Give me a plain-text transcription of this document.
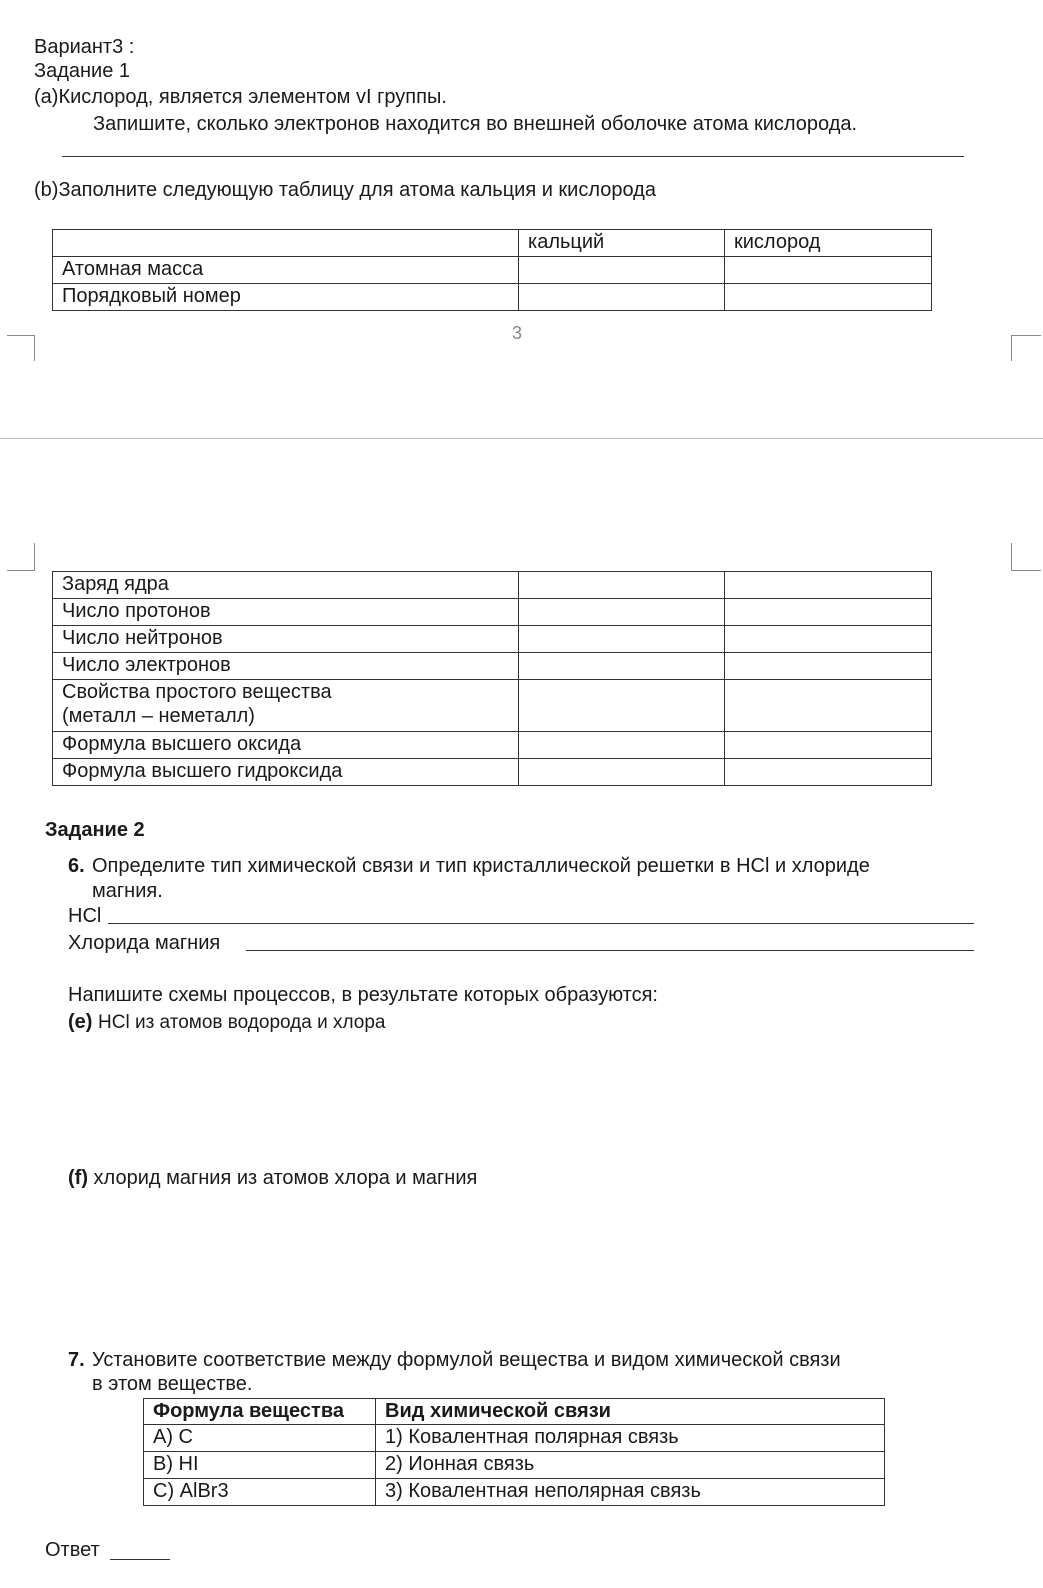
Вариант3 :
Задание 1
(a)Кислород, является элементом vI группы.
Запишите, сколько электронов находится во внешней оболочке атома кислорода.
(b)Заполните следующую таблицу для атома кальция и кислорода
	кальций	кислород
Атомная масса		
Порядковый номер		
3
Заряд ядра		
Число протонов		
Число нейтронов		
Число электронов		

Свойства простого вещества
(металл – неметалл)		

Формула высшего оксида		
Формула высшего гидроксида		
Задание 2
6. Определите тип химической связи и тип кристаллической решетки в HCl и хлориде
магния.
HCl
Хлорида магния
Напишите схемы процессов, в результате которых образуются:
(e) HCl из атомов водорода и хлора
(f) хлорид магния из атомов хлора и магния
7. Установите соответствие между формулой вещества и видом химической связи
в этом веществе.
Формула вещества	Вид химической связи
А) С	1) Ковалентная полярная связь
В) HI	2) Ионная связь
С) AlBr3	3) Ковалентная неполярная связь
Ответ
